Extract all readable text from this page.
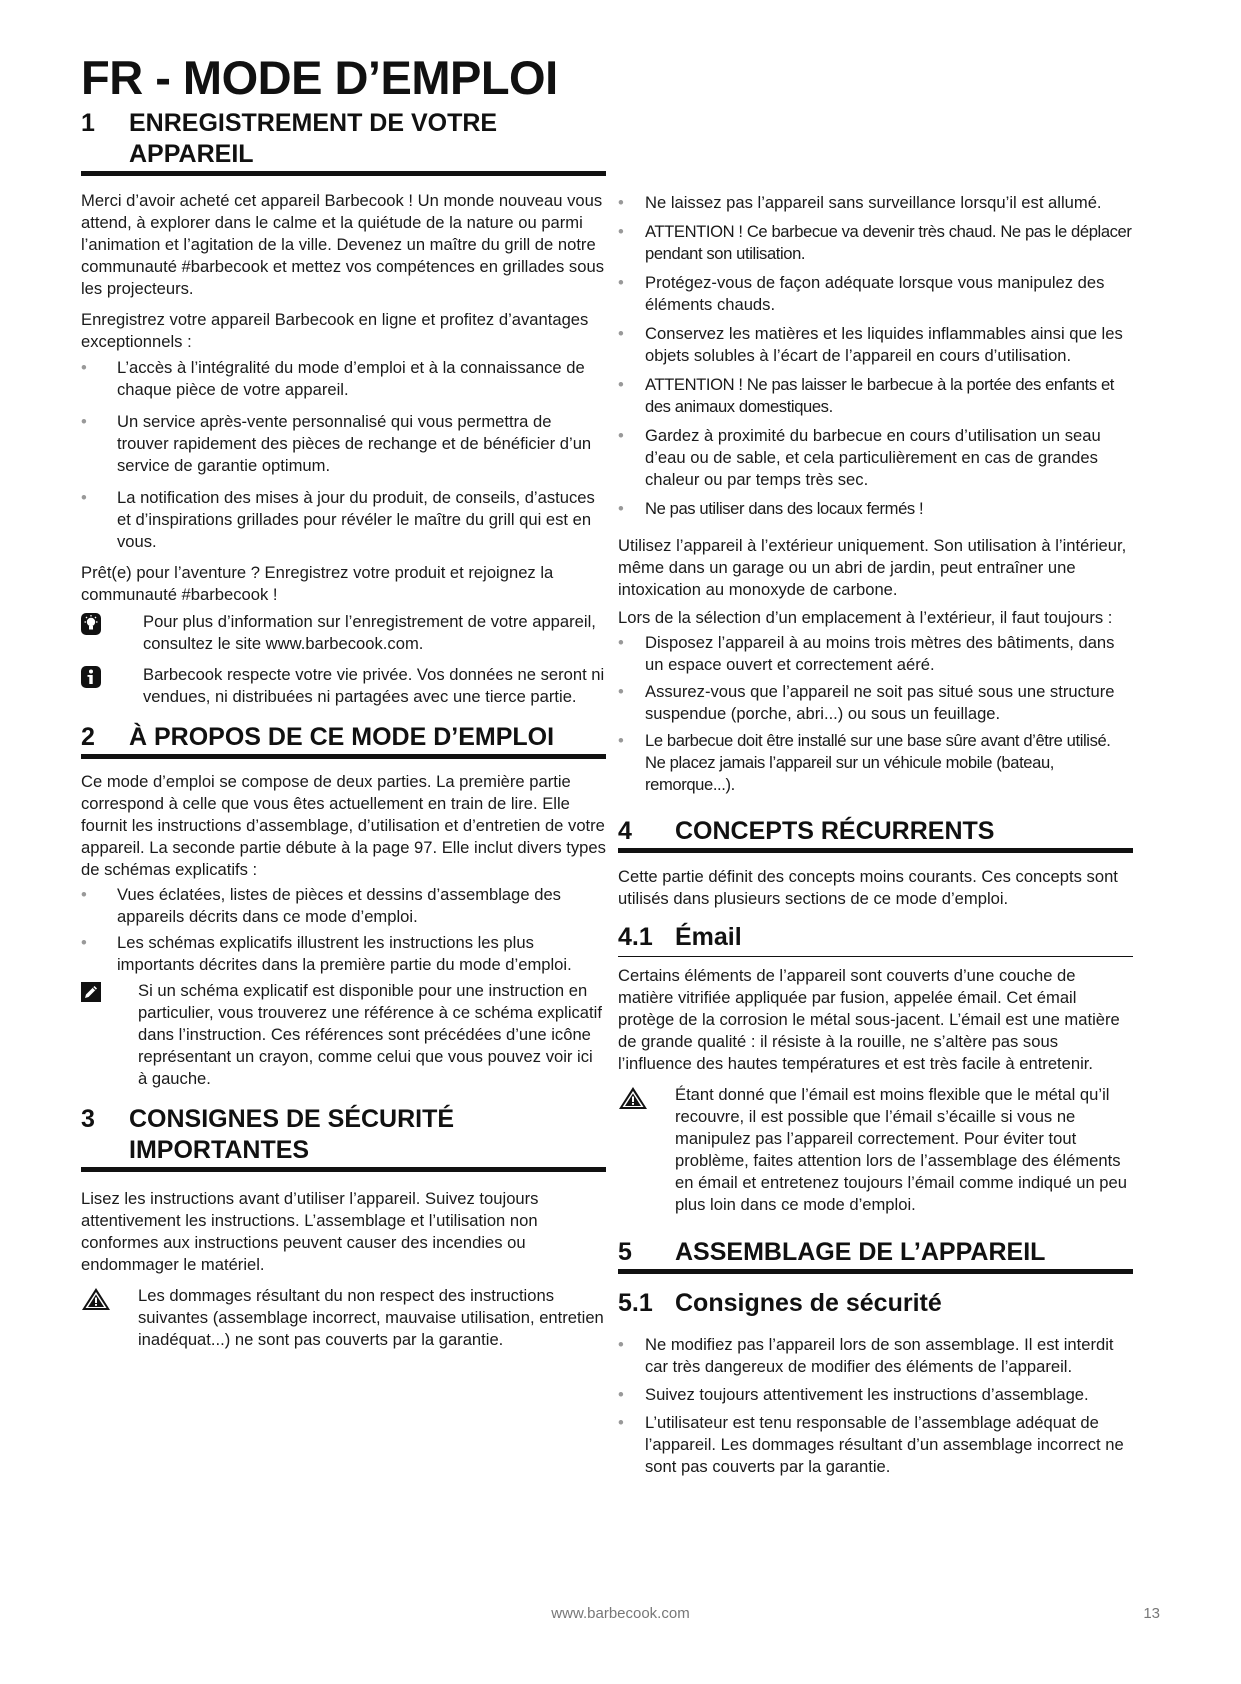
FR - MODE D’EMPLOI
1	ENREGISTREMENT DE VOTRE APPAREIL

Merci d’avoir acheté cet appareil Barbecook ! Un monde nouveau vous attend, à explorer dans le calme et la quiétude de la nature ou parmi l’animation et l’agitation de la ville. Devenez un maître du grill de notre communauté #barbecook et mettez vos compétences en grillades sous les projecteurs.

Enregistrez votre appareil Barbecook en ligne et profitez d’avantages exceptionnels :

• L’accès à l’intégralité du mode d’emploi et à la connaissance de chaque pièce de votre appareil.
• Un service après-vente personnalisé qui vous permettra de trouver rapidement des pièces de rechange et de bénéficier d’un service de garantie optimum.
• La notification des mises à jour du produit, de conseils, d’astuces et d’inspirations grillades pour révéler le maître du grill qui est en vous.

Prêt(e) pour l’aventure ? Enregistrez votre produit et rejoignez la communauté #barbecook !

Pour plus d’information sur l’enregistrement de votre appareil, consultez le site www.barbecook.com.
Barbecook respecte votre vie privée. Vos données ne seront ni vendues, ni distribuées ni partagées avec une tierce partie.
2	À PROPOS DE CE MODE D’EMPLOI

Ce mode d’emploi se compose de deux parties. La première partie correspond à celle que vous êtes actuellement en train de lire. Elle fournit les instructions d’assemblage, d’utilisation et d’entretien de votre appareil. La seconde partie débute à la page 97. Elle inclut divers types de schémas explicatifs :

• Vues éclatées, listes de pièces et dessins d’assemblage des appareils décrits dans ce mode d’emploi.
• Les schémas explicatifs illustrent les instructions les plus importants décrites dans la première partie du mode d’emploi.
Si un schéma explicatif est disponible pour une instruction en particulier, vous trouverez une référence à ce schéma explicatif dans l’instruction. Ces références sont précédées d’une icône représentant un crayon, comme celui que vous pouvez voir ici à gauche.
3	CONSIGNES DE SÉCURITÉ IMPORTANTES

Lisez les instructions avant d’utiliser l’appareil. Suivez toujours attentivement les instructions. L’assemblage et l’utilisation non conformes aux instructions peuvent causer des incendies ou endommager le matériel.

Les dommages résultant du non respect des instructions suivantes (assemblage incorrect, mauvaise utilisation, entretien inadéquat...) ne sont pas couverts par la garantie.
• Ne laissez pas l’appareil sans surveillance lorsqu’il est allumé.
• ATTENTION ! Ce barbecue va devenir très chaud. Ne pas le déplacer pendant son utilisation.
• Protégez-vous de façon adéquate lorsque vous manipulez des éléments chauds.
• Conservez les matières et les liquides inflammables ainsi que les objets solubles à l’écart de l’appareil en cours d’utilisation.
• ATTENTION ! Ne pas laisser le barbecue à la portée des enfants et des animaux domestiques.
• Gardez à proximité du barbecue en cours d’utilisation un seau d’eau ou de sable, et cela particulièrement en cas de grandes chaleur ou par temps très sec.
• Ne pas utiliser dans des locaux fermés !

Utilisez l’appareil à l’extérieur uniquement. Son utilisation à l’intérieur, même dans un garage ou un abri de jardin, peut entraîner une intoxication au monoxyde de carbone.

Lors de la sélection d’un emplacement à l’extérieur, il faut toujours :

• Disposez l’appareil à au moins trois mètres des bâtiments, dans un espace ouvert et correctement aéré.
• Assurez-vous que l’appareil ne soit pas situé sous une structure suspendue (porche, abri...) ou sous un feuillage.
• Le barbecue doit être installé sur une base sûre avant d’être utilisé. Ne placez jamais l’appareil sur un véhicule mobile (bateau, remorque...).
4	CONCEPTS RÉCURRENTS

Cette partie définit des concepts moins courants. Ces concepts sont utilisés dans plusieurs sections de ce mode d’emploi.

4.1 Émail

Certains éléments de l’appareil sont couverts d’une couche de matière vitrifiée appliquée par fusion, appelée émail. Cet émail protège de la corrosion le métal sous-jacent. L’émail est une matière de grande qualité : il résiste à la rouille, ne s’altère pas sous l’influence des hautes températures et est très facile à entretenir.

Étant donné que l’émail est moins flexible que le métal qu’il recouvre, il est possible que l’émail s’écaille si vous ne manipulez pas l’appareil correctement. Pour éviter tout problème, faites attention lors de l’assemblage des éléments en émail et entretenez toujours l’émail comme indiqué un peu plus loin dans ce mode d’emploi.
5	ASSEMBLAGE DE L’APPAREIL
5.1 Consignes de sécurité
• Ne modifiez pas l’appareil lors de son assemblage. Il est interdit car très dangereux de modifier des éléments de l’appareil.
• Suivez toujours attentivement les instructions d’assemblage.
• L’utilisateur est tenu responsable de l’assemblage adéquat de l’appareil. Les dommages résultant d’un assemblage incorrect ne sont pas couverts par la garantie.
www.barbecook.com	13
